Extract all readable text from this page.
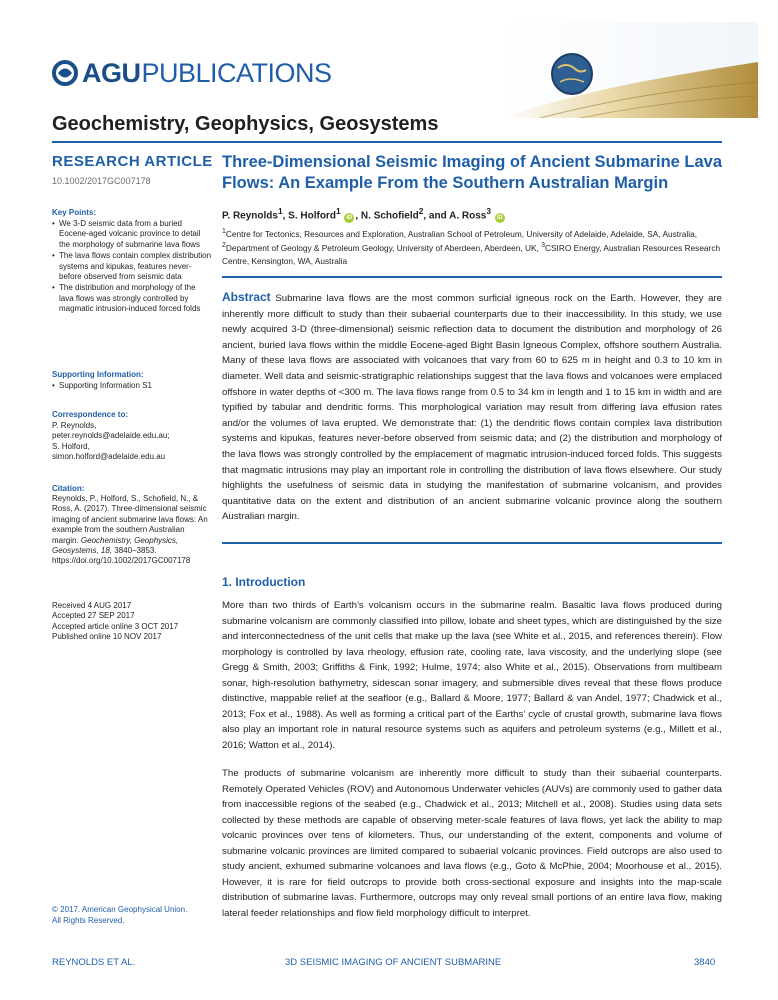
AGU PUBLICATIONS
Geochemistry, Geophysics, Geosystems
RESEARCH ARTICLE
10.1002/2017GC007178
Key Points:
• We 3-D seismic data from a buried Eocene-aged volcanic province to detail the morphology of submarine lava flows
• The lava flows contain complex distribution systems and kipukas, features never-before observed from seismic data
• The distribution and morphology of the lava flows was strongly controlled by magmatic intrusion-induced forced folds
Supporting Information:
• Supporting Information S1
Correspondence to:
P. Reynolds,
peter.reynolds@adelaide.edu.au;
S. Holford,
simon.holford@adelaide.edu.au
Citation:
Reynolds, P., Holford, S., Schofield, N., & Ross, A. (2017). Three-dimensional seismic imaging of ancient submarine lava flows: An example from the southern Australian margin. Geochemistry, Geophysics, Geosystems, 18, 3840–3853. https://doi.org/10.1002/2017GC007178
Received 4 AUG 2017
Accepted 27 SEP 2017
Accepted article online 3 OCT 2017
Published online 10 NOV 2017
© 2017. American Geophysical Union.
All Rights Reserved.
Three-Dimensional Seismic Imaging of Ancient Submarine Lava Flows: An Example From the Southern Australian Margin
P. Reynolds$^1$, S. Holford$^1$ iD , N. Schofield$^2$, and A. Ross$^3$ iD
$^1$Centre for Tectonics, Resources and Exploration, Australian School of Petroleum, University of Adelaide, Adelaide, SA, Australia, $^2$Department of Geology & Petroleum Geology, University of Aberdeen, Aberdeen, UK, $^3$CSIRO Energy, Australian Resources Research Centre, Kensington, WA, Australia
Abstract Submarine lava flows are the most common surficial igneous rock on the Earth. However, they are inherently more difficult to study than their subaerial counterparts due to their inaccessibility. In this study, we use newly acquired 3-D (three-dimensional) seismic reflection data to document the distribution and morphology of 26 ancient, buried lava flows within the middle Eocene-aged Bight Basin Igneous Complex, offshore southern Australia. Many of these lava flows are associated with volcanoes that vary from 60 to 625 m in height and 0.3 to 10 km in diameter. Well data and seismic-stratigraphic relationships suggest that the lava flows and volcanoes were emplaced offshore in water depths of <300 m. The lava flows range from 0.5 to 34 km in length and 1 to 15 km in width and are typified by tabular and dendritic forms. This morphological variation may result from differing lava effusion rates and/or the volumes of lava erupted. We demonstrate that: (1) the dendritic flows contain complex lava distribution systems and kipukas, features never-before observed from seismic data; and (2) the distribution and morphology of the lava flows was strongly controlled by the emplacement of magmatic intrusion-induced forced folds. This suggests that magmatic intrusions may play an important role in controlling the distribution of lava flows elsewhere. Our study highlights the usefulness of seismic data in studying the manifestation of submarine volcanism, and provides quantitative data on the extent and distribution of an ancient submarine volcanic province along the southern Australian margin.
1. Introduction
More than two thirds of Earth’s volcanism occurs in the submarine realm. Basaltic lava flows produced during submarine volcanism are commonly classified into pillow, lobate and sheet types, which are distinguished by the size and interconnectedness of the unit cells that make up the lava (see White et al., 2015, and references therein). Flow morphology is controlled by lava rheology, effusion rate, cooling rate, lava viscosity, and the underlying slope (see Gregg & Smith, 2003; Griffiths & Fink, 1992; Hulme, 1974; also White et al., 2015). Observations from multibeam sonar, high-resolution bathymetry, sidescan sonar imagery, and submersible dives reveal that these flows produce distinctive, mappable relief at the seafloor (e.g., Ballard & Moore, 1977; Ballard & van Andel, 1977; Chadwick et al., 2013; Fox et al., 1988). As well as forming a critical part of the Earths’ cycle of crustal growth, submarine lava flows also play an important role in natural resource systems such as aquifers and petroleum systems (e.g., Millett et al., 2016; Watton et al., 2014).
The products of submarine volcanism are inherently more difficult to study than their subaerial counterparts. Remotely Operated Vehicles (ROV) and Autonomous Underwater vehicles (AUVs) are commonly used to gather data from inaccessible regions of the seabed (e.g., Chadwick et al., 2013; Mitchell et al., 2008). Studies using data sets collected by these methods are capable of observing meter-scale features of lava flows, yet lack the ability to map volcanic provinces over tens of kilometers. Thus, our understanding of the extent, components and volume of submarine volcanic provinces are limited compared to subaerial volcanic provinces. Field outcrops are also used to study ancient, exhumed submarine volcanoes and lava flows (e.g., Goto & McPhie, 2004; Moorhouse et al., 2015). However, it is rare for field outcrops to provide both cross-sectional exposure and insights into the map-scale distribution of submarine lavas. Furthermore, outcrops may only reveal small portions of an entire lava flow, making lateral feeder relationships and flow field morphology difficult to interpret.
REYNOLDS ET AL.	3D SEISMIC IMAGING OF ANCIENT SUBMARINE	3840
